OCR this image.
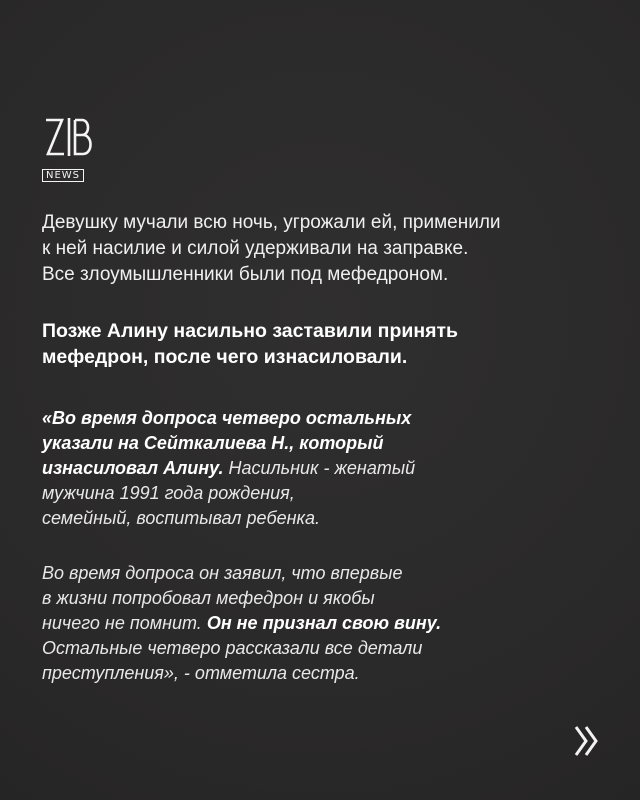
NEWS
Девушку мучали всю ночь, угрожали ей, применили
к ней насилие и силой удерживали на заправке.
Все злоумышленники были под мефедроном.
Позже Алину насильно заставили принять
мефедрон, после чего изнасиловали.
«Во время допроса четверо остальных
указали на Сейткалиева Н., который
изнасиловал Алину. Насильник - женатый
мужчина 1991 года рождения,
семейный, воспитывал ребенка.
Во время допроса он заявил, что впервые
в жизни попробовал мефедрон и якобы
ничего не помнит. Он не признал свою вину.
Остальные четверо рассказали все детали
преступления», - отметила сестра.
